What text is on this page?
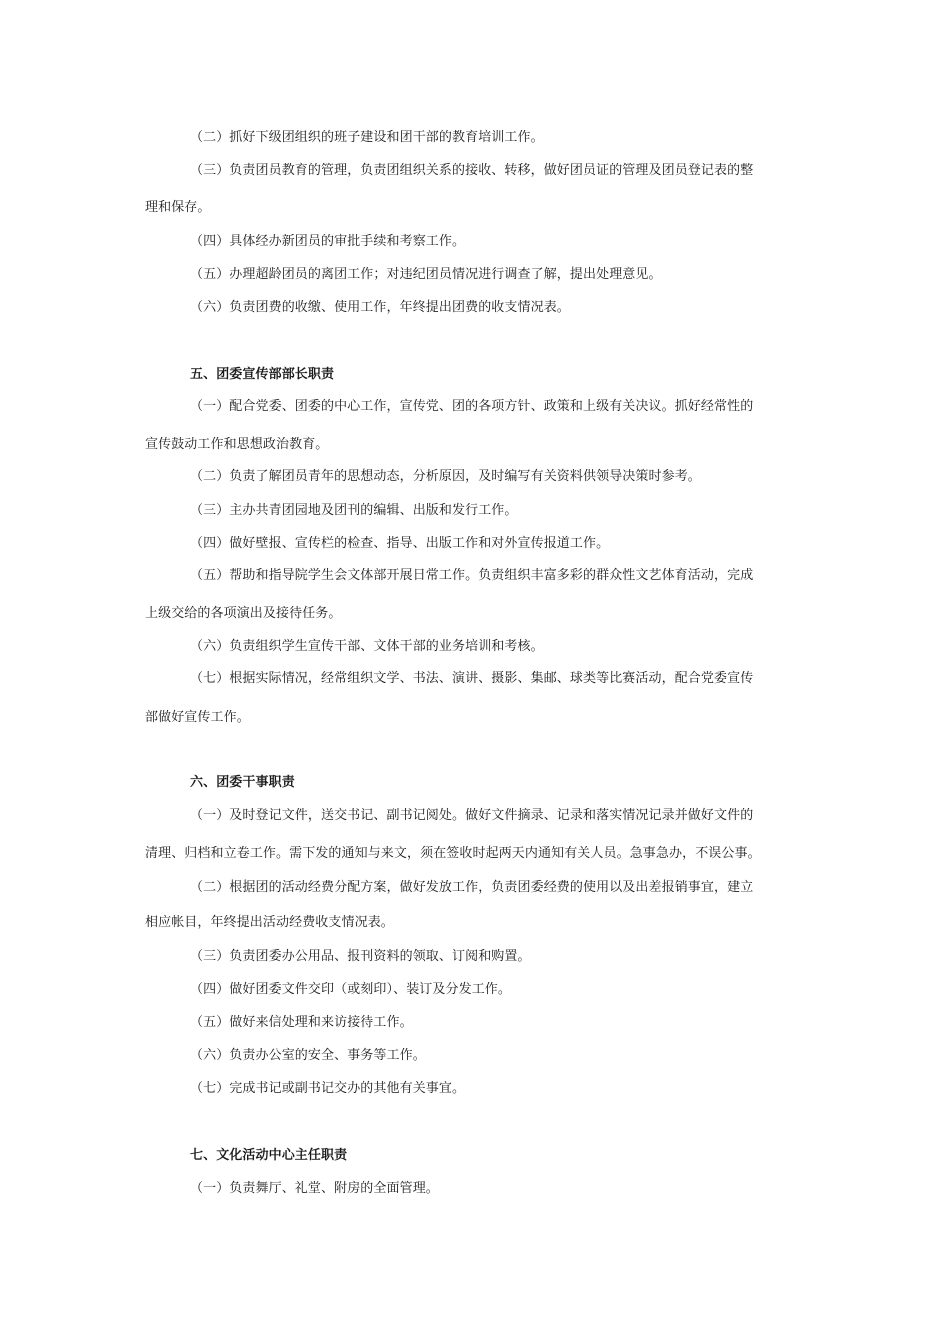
（二）抓好下级团组织的班子建设和团干部的教育培训工作。
（三）负责团员教育的管理，负责团组织关系的接收、转移，做好团员证的管理及团员登记表的整
理和保存。
（四）具体经办新团员的审批手续和考察工作。
（五）办理超龄团员的离团工作；对违纪团员情况进行调查了解，提出处理意见。
（六）负责团费的收缴、使用工作，年终提出团费的收支情况表。
五、团委宣传部部长职责
（一）配合党委、团委的中心工作，宣传党、团的各项方针、政策和上级有关决议。抓好经常性的
宣传鼓动工作和思想政治教育。
（二）负责了解团员青年的思想动态，分析原因，及时编写有关资料供领导决策时参考。
（三）主办共青团园地及团刊的编辑、出版和发行工作。
（四）做好壁报、宣传栏的检查、指导、出版工作和对外宣传报道工作。
（五）帮助和指导院学生会文体部开展日常工作。负责组织丰富多彩的群众性文艺体育活动，完成
上级交给的各项演出及接待任务。
（六）负责组织学生宣传干部、文体干部的业务培训和考核。
（七）根据实际情况，经常组织文学、书法、演讲、摄影、集邮、球类等比赛活动，配合党委宣传
部做好宣传工作。
六、团委干事职责
（一）及时登记文件，送交书记、副书记阅处。做好文件摘录、记录和落实情况记录并做好文件的
清理、归档和立卷工作。需下发的通知与来文，须在签收时起两天内通知有关人员。急事急办，不误公事。
（二）根据团的活动经费分配方案，做好发放工作，负责团委经费的使用以及出差报销事宜，建立
相应帐目，年终提出活动经费收支情况表。
（三）负责团委办公用品、报刊资料的领取、订阅和购置。
（四）做好团委文件交印（或刻印）、装订及分发工作。
（五）做好来信处理和来访接待工作。
（六）负责办公室的安全、事务等工作。
（七）完成书记或副书记交办的其他有关事宜。
七、文化活动中心主任职责
（一）负责舞厅、礼堂、附房的全面管理。
